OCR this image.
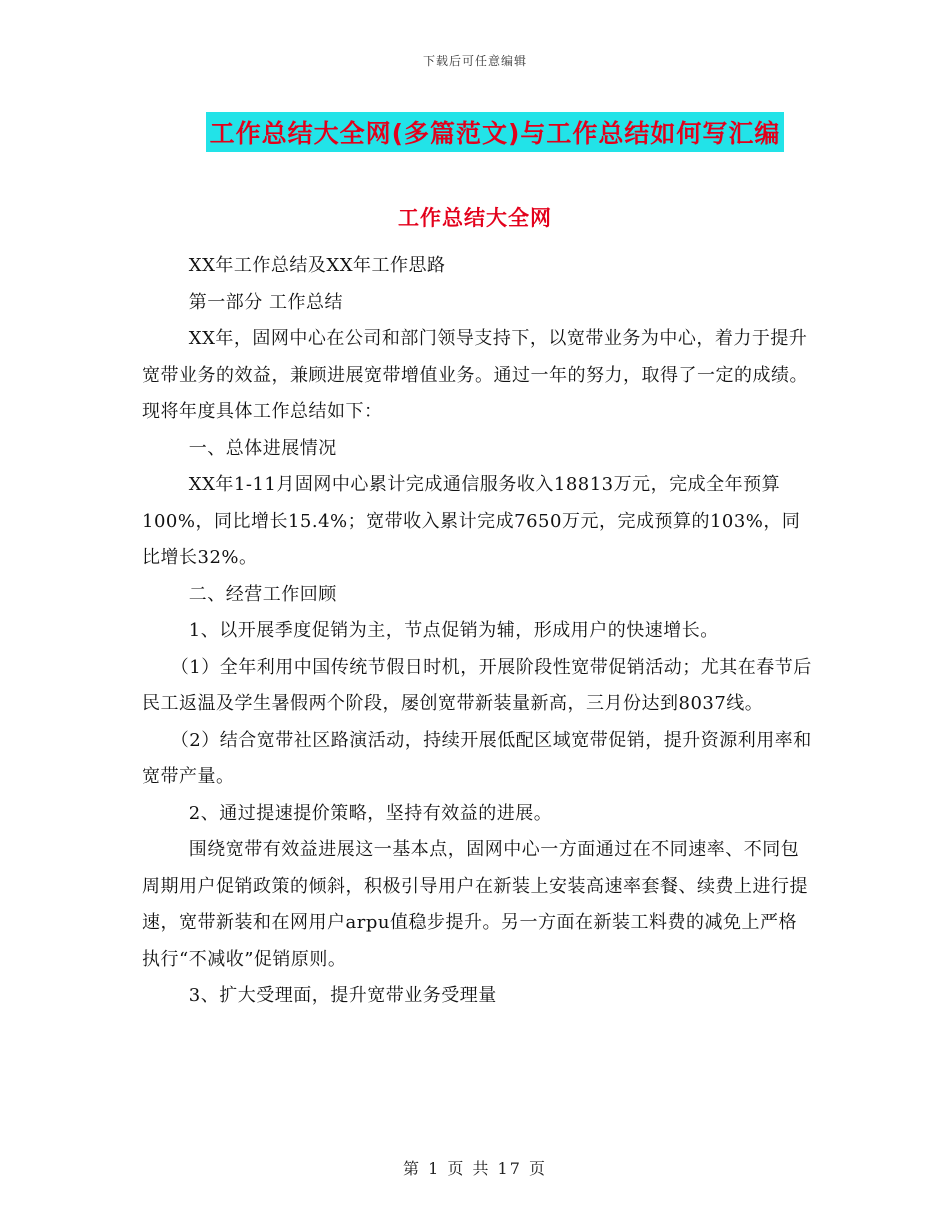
下载后可任意编辑
工作总结大全网(多篇范文)与工作总结如何写汇编
工作总结大全网

XX年工作总结及XX年工作思路

第一部分 工作总结

XX年，固网中心在公司和部门领导支持下，以宽带业务为中心，着力于提升宽带业务的效益，兼顾进展宽带增值业务。通过一年的努力，取得了一定的成绩。现将年度具体工作总结如下：

一、总体进展情况

XX年1-11月固网中心累计完成通信服务收入18813万元，完成全年预算100%，同比增长15.4%；宽带收入累计完成7650万元，完成预算的103%，同比增长32%。

二、经营工作回顾

1、以开展季度促销为主，节点促销为辅，形成用户的快速增长。

（1）全年利用中国传统节假日时机，开展阶段性宽带促销活动；尤其在春节后民工返温及学生暑假两个阶段，屡创宽带新装量新高，三月份达到8037线。

（2）结合宽带社区路演活动，持续开展低配区域宽带促销，提升资源利用率和宽带产量。

2、通过提速提价策略，坚持有效益的进展。

围绕宽带有效益进展这一基本点，固网中心一方面通过在不同速率、不同包周期用户促销政策的倾斜，积极引导用户在新装上安装高速率套餐、续费上进行提速，宽带新装和在网用户arpu值稳步提升。另一方面在新装工料费的减免上严格执行“不减收”促销原则。

3、扩大受理面，提升宽带业务受理量

第 1 页 共 17 页
